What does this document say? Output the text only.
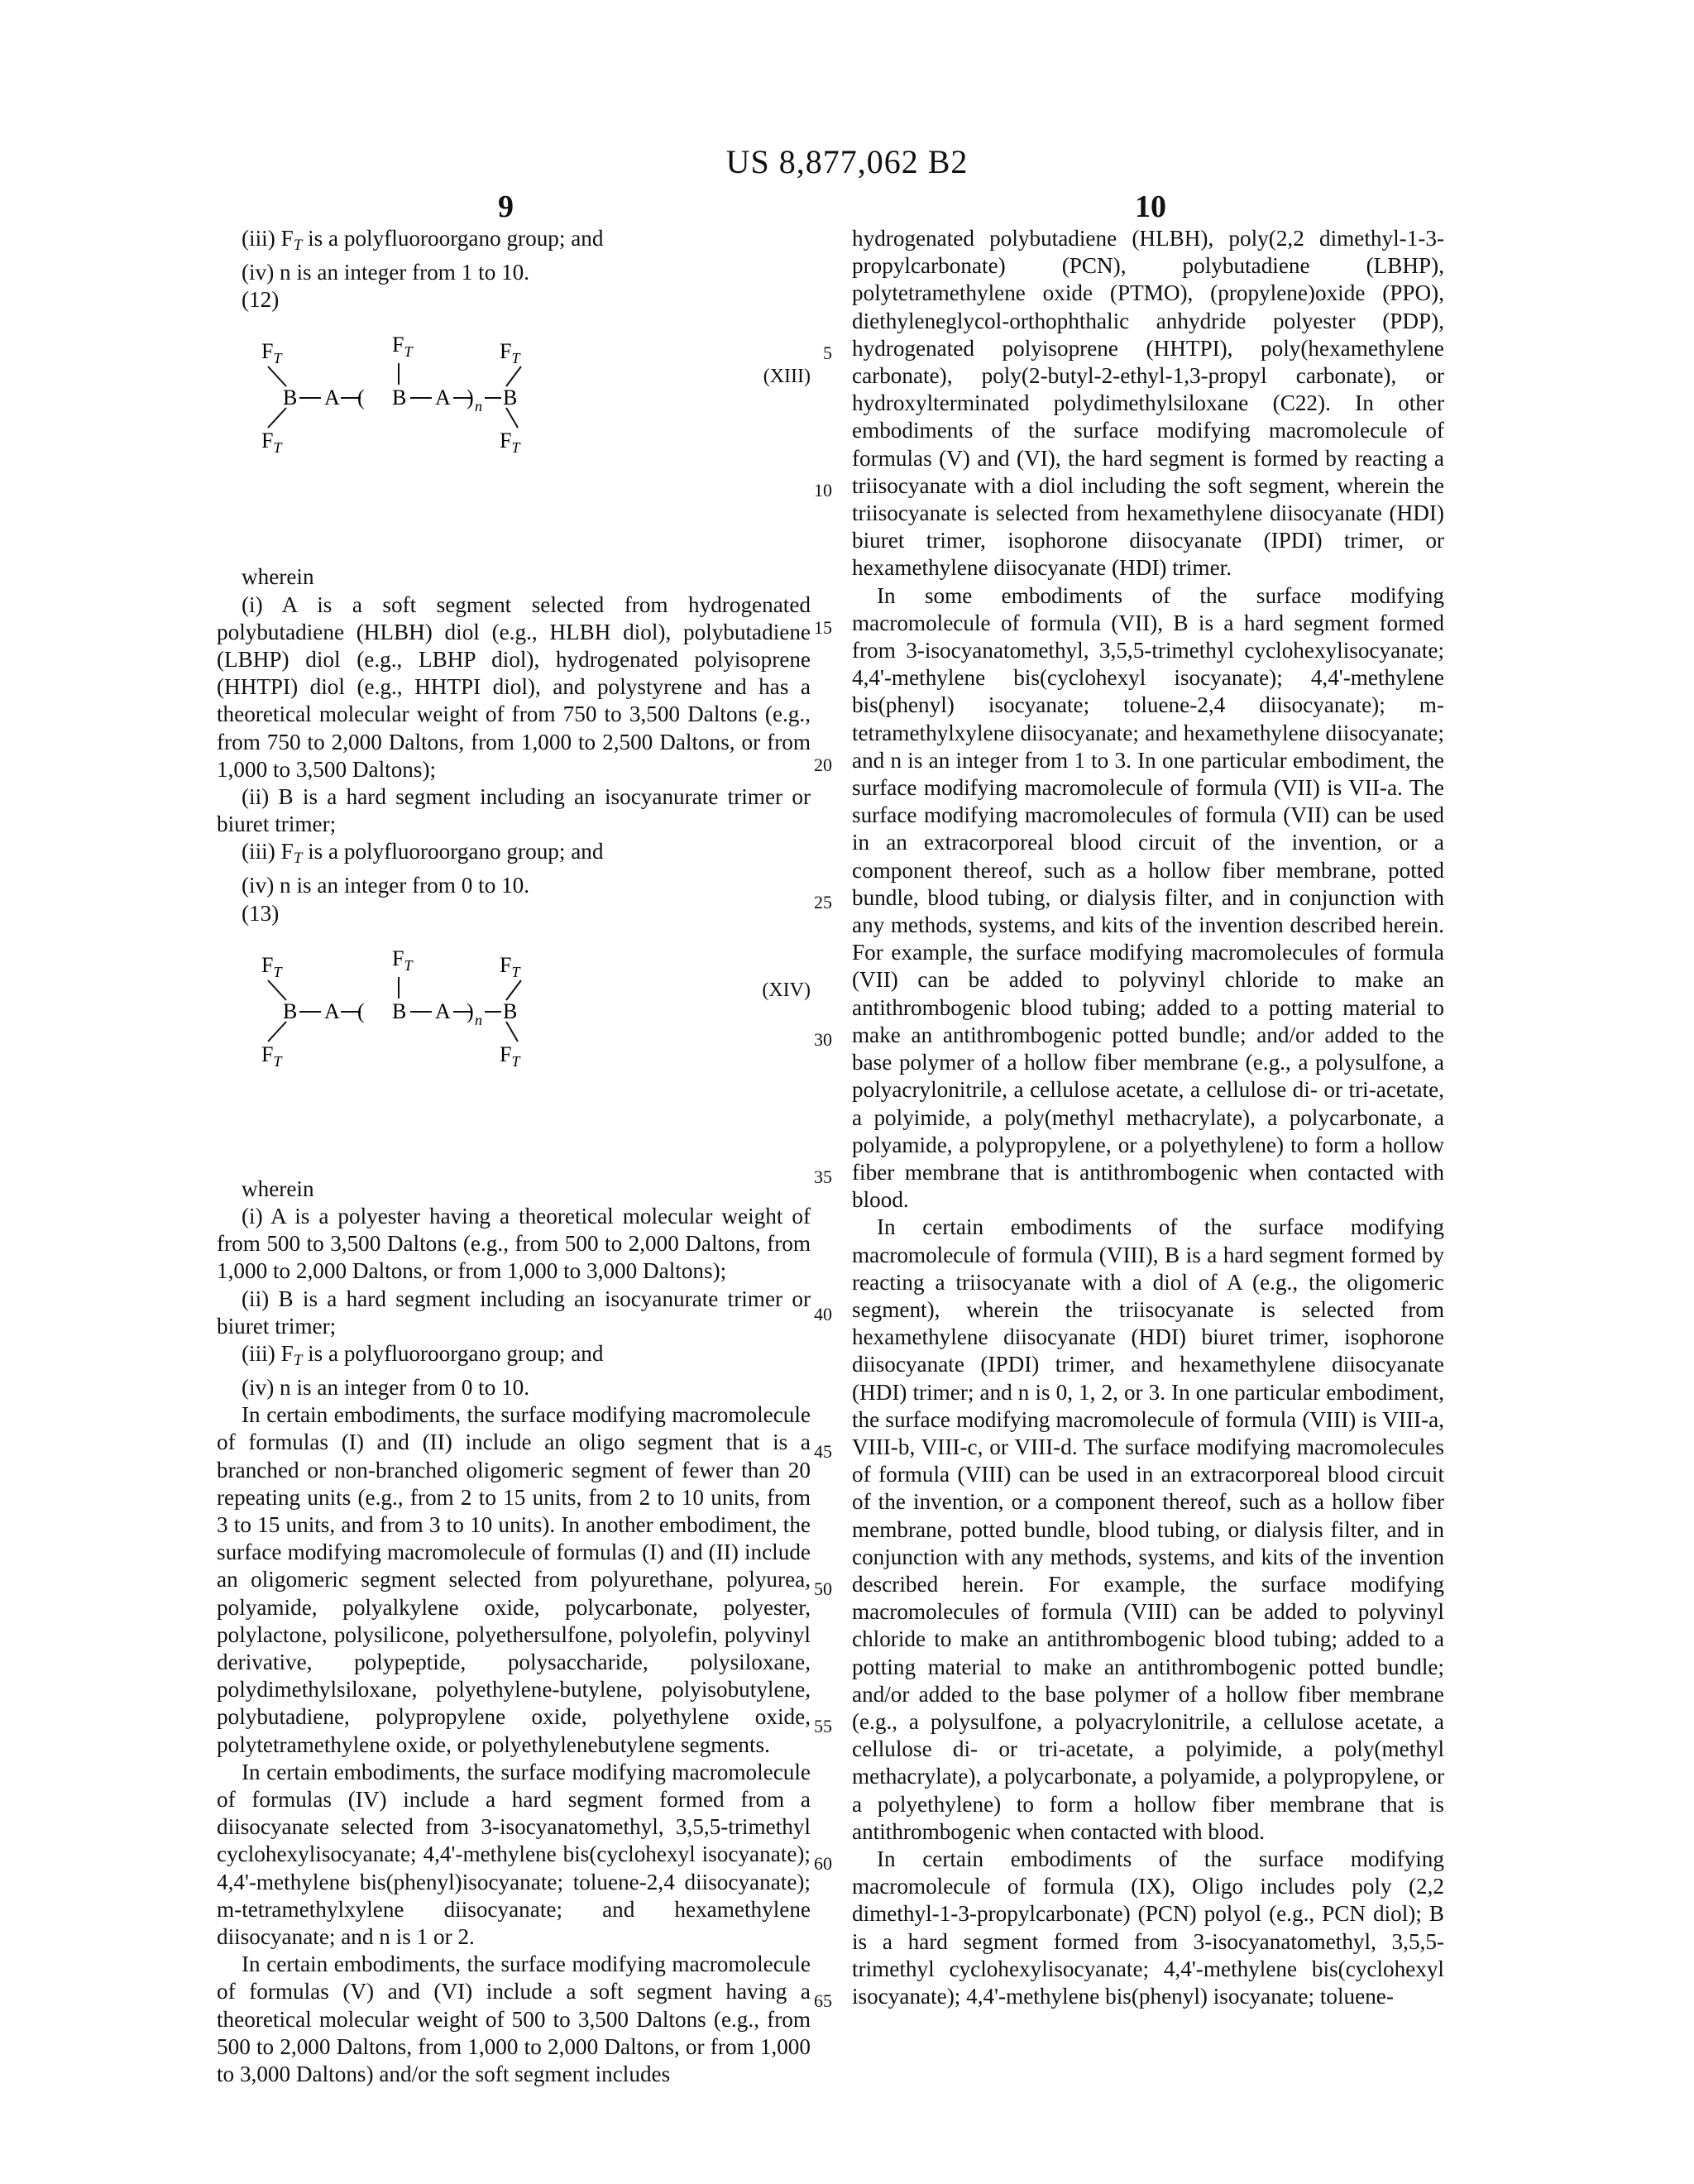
US 8,877,062 B2
9	10

(iii) $F_T$ is a polyfluoroorgano group; and

(iv) n is an integer from 1 to 10.

(12)

(XIII)
$F_T$
$F_T$	$F_T$
$F_T$	$F_T$
B A ( B A ) n B

wherein

(i) A is a soft segment selected from hydrogenated polybutadiene (HLBH) diol (e.g., HLBH diol), polybutadiene (LBHP) diol (e.g., LBHP diol), hydrogenated polyisoprene (HHTPI) diol (e.g., HHTPI diol), and polystyrene and has a theoretical molecular weight of from 750 to 3,500 Daltons (e.g., from 750 to 2,000 Daltons, from 1,000 to 2,500 Daltons, or from 1,000 to 3,500 Daltons);

(ii) B is a hard segment including an isocyanurate trimer or biuret trimer;

(iii) $F_T$ is a polyfluoroorgano group; and

(iv) n is an integer from 0 to 10.

(13)

(XIV)
$F_T$
$F_T$	$F_T$
$F_T$	$F_T$
B A ( B A ) n B

wherein

(i) A is a polyester having a theoretical molecular weight of from 500 to 3,500 Daltons (e.g., from 500 to 2,000 Daltons, from 1,000 to 2,000 Daltons, or from 1,000 to 3,000 Daltons);

(ii) B is a hard segment including an isocyanurate trimer or biuret trimer;

(iii) $F_T$ is a polyfluoroorgano group; and

(iv) n is an integer from 0 to 10.

In certain embodiments, the surface modifying macromolecule of formulas (I) and (II) include an oligo segment that is a branched or non-branched oligomeric segment of fewer than 20 repeating units (e.g., from 2 to 15 units, from 2 to 10 units, from 3 to 15 units, and from 3 to 10 units). In another embodiment, the surface modifying macromolecule of formulas (I) and (II) include an oligomeric segment selected from polyurethane, polyurea, polyamide, polyalkylene oxide, polycarbonate, polyester, polylactone, polysilicone, polyethersulfone, polyolefin, polyvinyl derivative, polypeptide, polysaccharide, polysiloxane, polydimethylsiloxane, polyethylene-butylene, polyisobutylene, polybutadiene, polypropylene oxide, polyethylene oxide, polytetramethylene oxide, or polyethylenebutylene segments.

In certain embodiments, the surface modifying macromolecule of formulas (IV) include a hard segment formed from a diisocyanate selected from 3-isocyanatomethyl, 3,5,5-trimethyl cyclohexylisocyanate; 4,4'-methylene bis(cyclohexyl isocyanate); 4,4'-methylene bis(phenyl)isocyanate; toluene-2,4 diisocyanate); m-tetramethylxylene diisocyanate; and hexamethylene diisocyanate; and n is 1 or 2.

In certain embodiments, the surface modifying macromolecule of formulas (V) and (VI) include a soft segment having a theoretical molecular weight of 500 to 3,500 Daltons (e.g., from 500 to 2,000 Daltons, from 1,000 to 2,000 Daltons, or from 1,000 to 3,000 Daltons) and/or the soft segment includes

5
10
15
20
25
30
35
40
45
50
55
60
65

hydrogenated polybutadiene (HLBH), poly(2,2 dimethyl-1-3-propylcarbonate) (PCN), polybutadiene (LBHP), polytetramethylene oxide (PTMO), (propylene)oxide (PPO), diethyleneglycol-orthophthalic anhydride polyester (PDP), hydrogenated polyisoprene (HHTPI), poly(hexamethylene carbonate), poly(2-butyl-2-ethyl-1,3-propyl carbonate), or hydroxylterminated polydimethylsiloxane (C22). In other embodiments of the surface modifying macromolecule of formulas (V) and (VI), the hard segment is formed by reacting a triisocyanate with a diol including the soft segment, wherein the triisocyanate is selected from hexamethylene diisocyanate (HDI) biuret trimer, isophorone diisocyanate (IPDI) trimer, or hexamethylene diisocyanate (HDI) trimer.

In some embodiments of the surface modifying macromolecule of formula (VII), B is a hard segment formed from 3-isocyanatomethyl, 3,5,5-trimethyl cyclohexylisocyanate; 4,4'-methylene bis(cyclohexyl isocyanate); 4,4'-methylene bis(phenyl) isocyanate; toluene-2,4 diisocyanate); m-tetramethylxylene diisocyanate; and hexamethylene diisocyanate; and n is an integer from 1 to 3. In one particular embodiment, the surface modifying macromolecule of formula (VII) is VII-a. The surface modifying macromolecules of formula (VII) can be used in an extracorporeal blood circuit of the invention, or a component thereof, such as a hollow fiber membrane, potted bundle, blood tubing, or dialysis filter, and in conjunction with any methods, systems, and kits of the invention described herein. For example, the surface modifying macromolecules of formula (VII) can be added to polyvinyl chloride to make an antithrombogenic blood tubing; added to a potting material to make an antithrombogenic potted bundle; and/or added to the base polymer of a hollow fiber membrane (e.g., a polysulfone, a polyacrylonitrile, a cellulose acetate, a cellulose di- or tri-acetate, a polyimide, a poly(methyl methacrylate), a polycarbonate, a polyamide, a polypropylene, or a polyethylene) to form a hollow fiber membrane that is antithrombogenic when contacted with blood.

In certain embodiments of the surface modifying macromolecule of formula (VIII), B is a hard segment formed by reacting a triisocyanate with a diol of A (e.g., the oligomeric segment), wherein the triisocyanate is selected from hexamethylene diisocyanate (HDI) biuret trimer, isophorone diisocyanate (IPDI) trimer, and hexamethylene diisocyanate (HDI) trimer; and n is 0, 1, 2, or 3. In one particular embodiment, the surface modifying macromolecule of formula (VIII) is VIII-a, VIII-b, VIII-c, or VIII-d. The surface modifying macromolecules of formula (VIII) can be used in an extracorporeal blood circuit of the invention, or a component thereof, such as a hollow fiber membrane, potted bundle, blood tubing, or dialysis filter, and in conjunction with any methods, systems, and kits of the invention described herein. For example, the surface modifying macromolecules of formula (VIII) can be added to polyvinyl chloride to make an antithrombogenic blood tubing; added to a potting material to make an antithrombogenic potted bundle; and/or added to the base polymer of a hollow fiber membrane (e.g., a polysulfone, a polyacrylonitrile, a cellulose acetate, a cellulose di- or tri-acetate, a polyimide, a poly(methyl methacrylate), a polycarbonate, a polyamide, a polypropylene, or a polyethylene) to form a hollow fiber membrane that is antithrombogenic when contacted with blood.

In certain embodiments of the surface modifying macromolecule of formula (IX), Oligo includes poly (2,2 dimethyl-1-3-propylcarbonate) (PCN) polyol (e.g., PCN diol); B is a hard segment formed from 3-isocyanatomethyl, 3,5,5-trimethyl cyclohexylisocyanate; 4,4'-methylene bis(cyclohexyl isocyanate); 4,4'-methylene bis(phenyl) isocyanate; toluene-
